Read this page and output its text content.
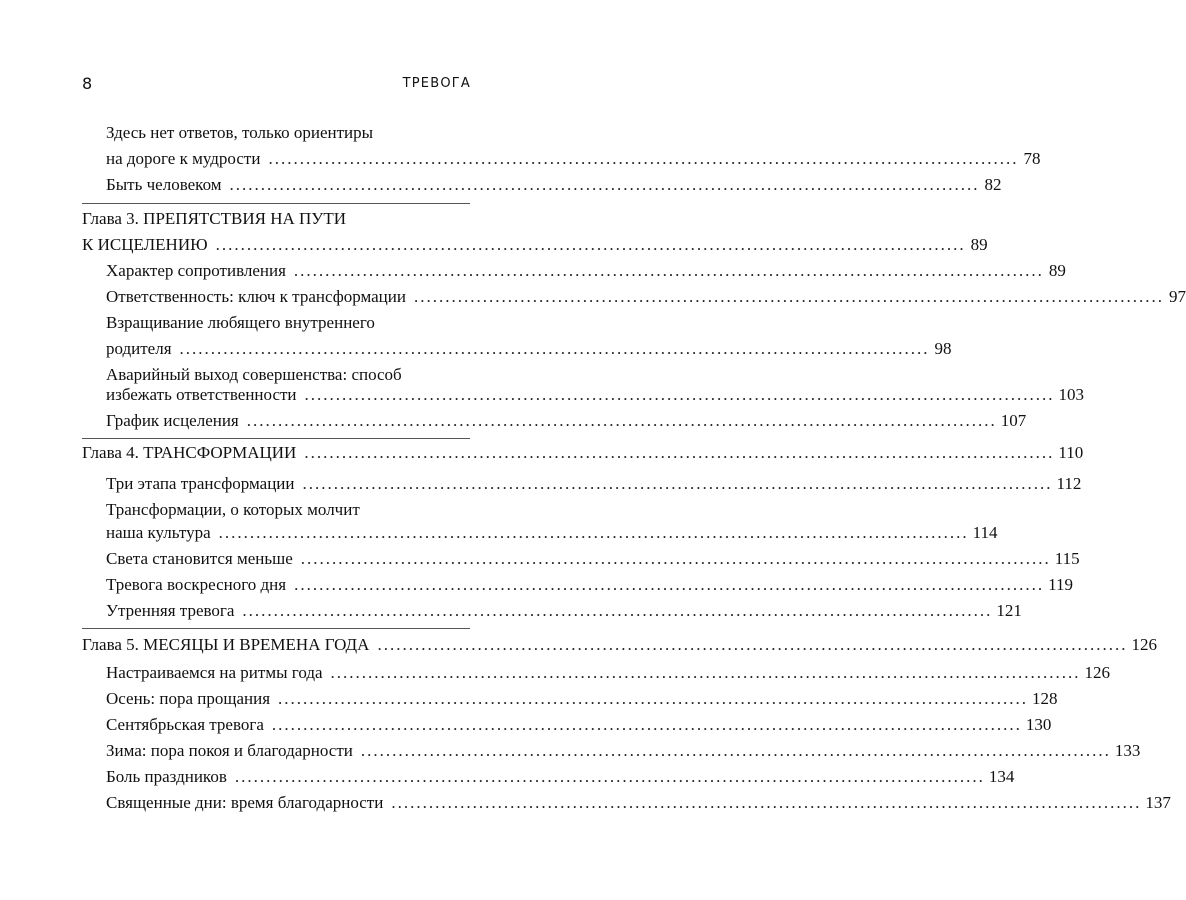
8	ТРЕВОГА
Здесь нет ответов, только ориентиры
на дороге к мудрости ........................................................................................................................ 78
Быть человеком ........................................................................................................................ 82
Глава 3. ПРЕПЯТСТВИЯ НА ПУТИ
К ИСЦЕЛЕНИЮ ........................................................................................................................ 89
Характер сопротивления ........................................................................................................................ 89
Ответственность: ключ к трансформации ........................................................................................................................ 97
Взращивание любящего внутреннего
родителя ........................................................................................................................ 98
Аварийный выход совершенства: способ
избежать ответственности ........................................................................................................................ 103
График исцеления ........................................................................................................................ 107
Глава 4. ТРАНСФОРМАЦИИ ........................................................................................................................ 110
Три этапа трансформации ........................................................................................................................ 112
Трансформации, о которых молчит
наша культура ........................................................................................................................ 114
Света становится меньше ........................................................................................................................ 115
Тревога воскресного дня ........................................................................................................................ 119
Утренняя тревога ........................................................................................................................ 121
Глава 5. МЕСЯЦЫ И ВРЕМЕНА ГОДА ........................................................................................................................ 126
Настраиваемся на ритмы года ........................................................................................................................ 126
Осень: пора прощания ........................................................................................................................ 128
Сентябрьская тревога ........................................................................................................................ 130
Зима: пора покоя и благодарности ........................................................................................................................ 133
Боль праздников ........................................................................................................................ 134
Священные дни: время благодарности ........................................................................................................................ 137
